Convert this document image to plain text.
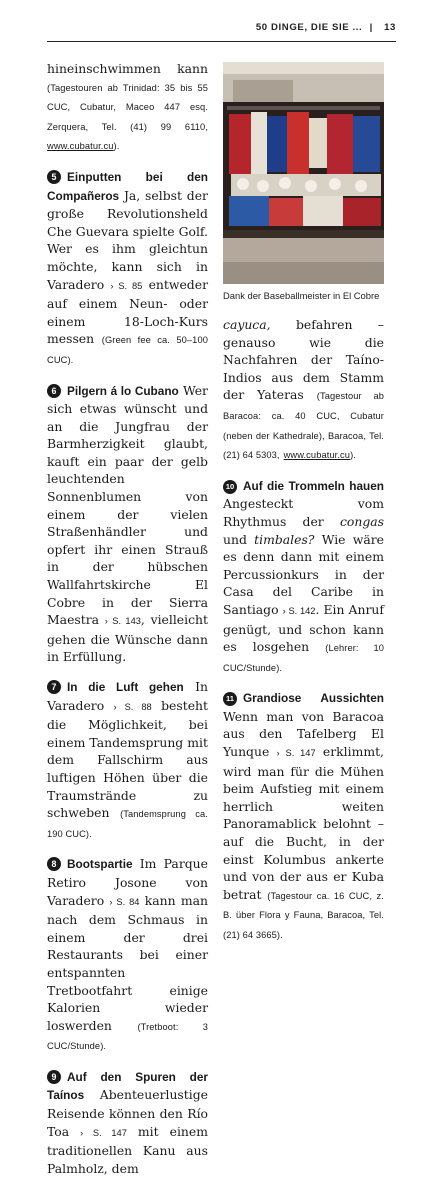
50 DINGE, DIE SIE ... | 13

hineinschwimmen kann (Tagestouren ab Trinidad: 35 bis 55 CUC, Cubatur, Maceo 447 esq. Zerquera, Tel. (41) 99 6110, www.cubatur.cu).

5 Einputten bei den Compañeros Ja, selbst der große Revolutionsheld Che Guevara spielte Golf. Wer es ihm gleichtun möchte, kann sich in Varadero › S. 85 entweder auf einem Neun- oder einem 18-Loch-Kurs messen (Green fee ca. 50–100 CUC).

6 Pilgern á lo Cubano Wer sich etwas wünscht und an die Jungfrau der Barmherzigkeit glaubt, kauft ein paar der gelb leuchtenden Sonnenblumen von einem der vielen Straßenhändler und opfert ihr einen Strauß in der hübschen Wallfahrtskirche El Cobre in der Sierra Maestra › S. 143, vielleicht gehen die Wünsche dann in Erfüllung.

7 In die Luft gehen In Varadero › S. 88 besteht die Möglichkeit, bei einem Tandemsprung mit dem Fallschirm aus luftigen Höhen über die Traumstrände zu schweben (Tandemsprung ca. 190 CUC).

8 Bootspartie Im Parque Retiro Josone von Varadero › S. 84 kann man nach dem Schmaus in einem der drei Restaurants bei einer entspannten Tretbootfahrt einige Kalorien wieder loswerden	(Tretboot: 3 CUC/Stunde).

9 Auf den Spuren der Taínos Abenteuerlustige Reisende können den Río Toa › S. 147 mit einem traditionellen Kanu aus Palmholz, dem

Dank der Baseballmeister in El Cobre

cayuca, befahren – genauso wie die Nachfahren der Taíno-Indios aus dem Stamm der Yateras (Tagestour ab Baracoa: ca. 40 CUC, Cubatur (neben der Kathedrale), Baracoa, Tel. (21) 64 5303, www.cubatur.cu).

10 Auf die Trommeln hauen Angesteckt vom Rhythmus der congas und timbales? Wie wäre es denn dann mit einem Percussionkurs in der Casa del Caribe in Santiago › S. 142. Ein Anruf genügt, und schon kann es losgehen (Lehrer: 10 CUC/Stunde).

11 Grandiose Aussichten Wenn man von Baracoa aus den Tafelberg El Yunque › S. 147 erklimmt, wird man für die Mühen beim Aufstieg mit einem herrlich weiten Panoramablick belohnt – auf die Bucht, in der einst Kolumbus ankerte und von der aus er Kuba betrat (Tagestour ca. 16 CUC, z. B. über Flora y Fauna, Baracoa, Tel. (21) 64 3665).
